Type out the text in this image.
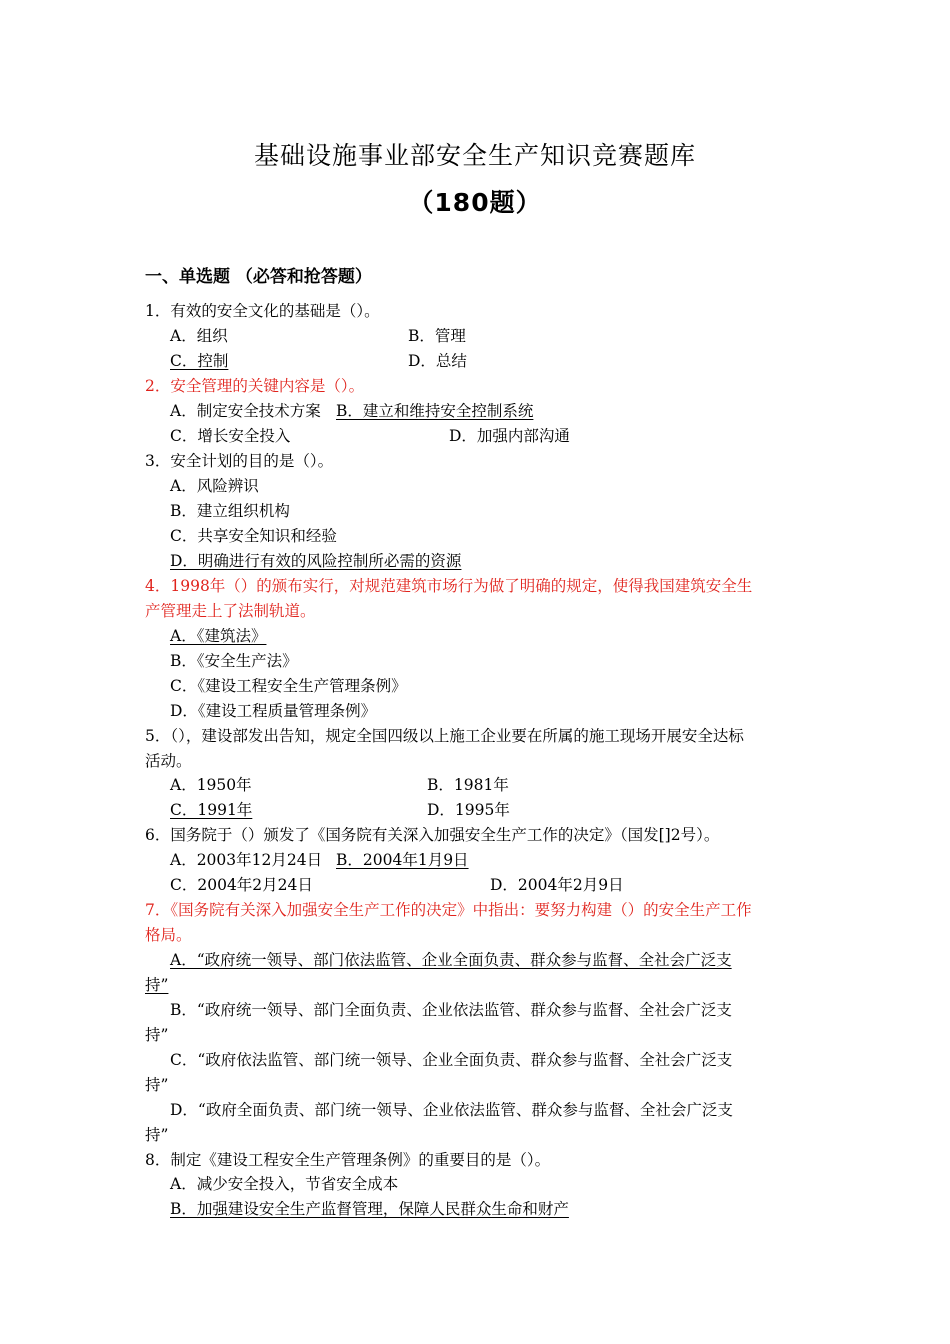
基础设施事业部安全生产知识竞赛题库
（180题）
一、单选题 （必答和抢答题）
1．有效的安全文化的基础是（）。
A．组织	B．管理
C．控制	D．总结
2．安全管理的关键内容是（）。
A．制定安全技术方案 B．建立和维持安全控制系统
C．增长安全投入	D．加强内部沟通
3．安全计划的目的是（）。
A．风险辨识
B．建立组织机构
C．共享安全知识和经验
D．明确进行有效的风险控制所必需的资源
4．1998年（）的颁布实行，对规范建筑市场行为做了明确的规定，使得我国建筑安全生
产管理走上了法制轨道。
A．《建筑法》
B．《安全生产法》
C．《建设工程安全生产管理条例》
D．《建设工程质量管理条例》
5．（），建设部发出告知，规定全国四级以上施工企业要在所属的施工现场开展安全达标
活动。
A．1950年	B．1981年
C．1991年	D．1995年
6．国务院于（）颁发了《国务院有关深入加强安全生产工作的决定》（国发[]2号）。
A．2003年12月24日 B．2004年1月9日
C．2004年2月24日	D．2004年2月9日
7．《国务院有关深入加强安全生产工作的决定》中指出：要努力构建（）的安全生产工作
格局。
A．“政府统一领导、部门依法监管、企业全面负责、群众参与监督、全社会广泛支
持”
B．“政府统一领导、部门全面负责、企业依法监管、群众参与监督、全社会广泛支
持”
C．“政府依法监管、部门统一领导、企业全面负责、群众参与监督、全社会广泛支
持”
D．“政府全面负责、部门统一领导、企业依法监管、群众参与监督、全社会广泛支
持”
8．制定《建设工程安全生产管理条例》的重要目的是（）。
A．减少安全投入，节省安全成本
B．加强建设安全生产监督管理，保障人民群众生命和财产
